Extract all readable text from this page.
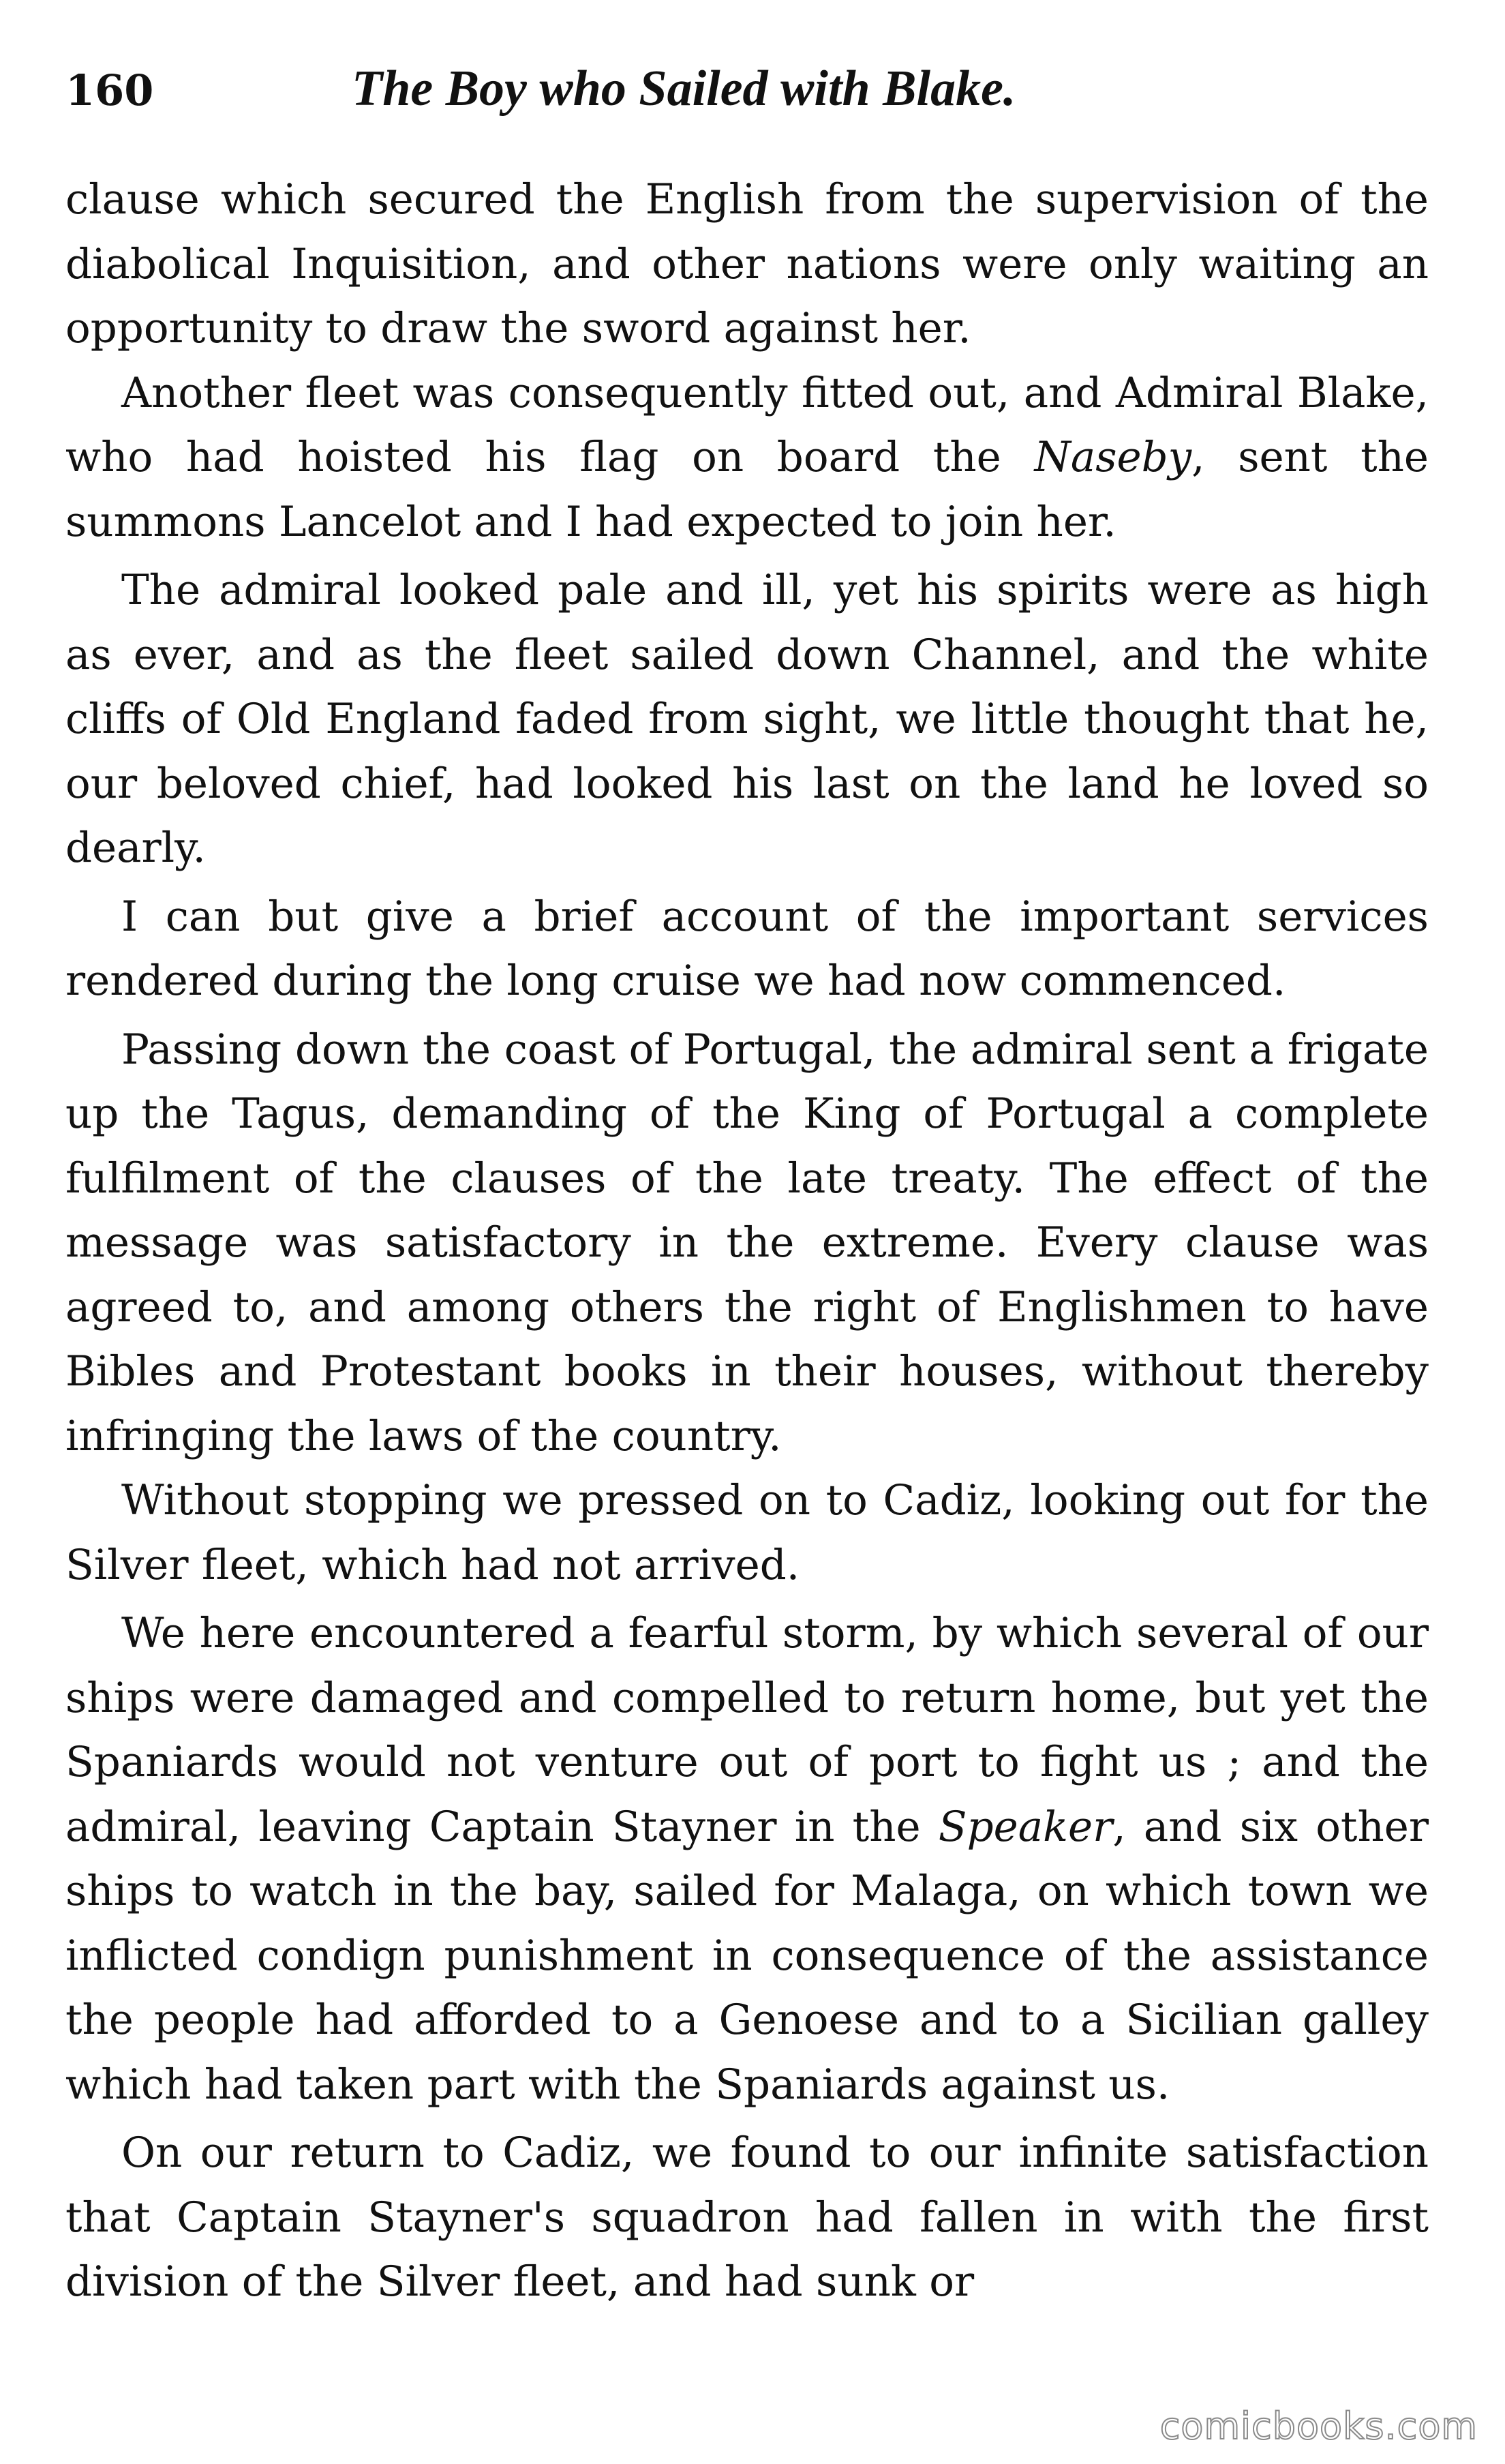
160	The Boy who Sailed with Blake.

clause which secured the English from the supervision of the diabolical Inquisition, and other nations were only waiting an opportunity to draw the sword against her.

Another fleet was consequently fitted out, and Admiral Blake, who had hoisted his flag on board the Naseby, sent the summons Lancelot and I had expected to join her.

The admiral looked pale and ill, yet his spirits were as high as ever, and as the fleet sailed down Channel, and the white cliffs of Old England faded from sight, we little thought that he, our beloved chief, had looked his last on the land he loved so dearly.

I can but give a brief account of the important services rendered during the long cruise we had now commenced.

Passing down the coast of Portugal, the admiral sent a frigate up the Tagus, demanding of the King of Portugal a complete fulfilment of the clauses of the late treaty. The effect of the message was satisfactory in the extreme. Every clause was agreed to, and among others the right of Englishmen to have Bibles and Protestant books in their houses, without thereby infringing the laws of the country.

Without stopping we pressed on to Cadiz, looking out for the Silver fleet, which had not arrived.

We here encountered a fearful storm, by which several of our ships were damaged and compelled to return home, but yet the Spaniards would not venture out of port to fight us ; and the admiral, leaving Captain Stayner in the Speaker, and six other ships to watch in the bay, sailed for Malaga, on which town we inflicted condign punishment in consequence of the assistance the people had afforded to a Genoese and to a Sicilian galley which had taken part with the Spaniards against us.

On our return to Cadiz, we found to our infinite satisfaction that Captain Stayner's squadron had fallen in with the first division of the Silver fleet, and had sunk or

comicbooks.com
